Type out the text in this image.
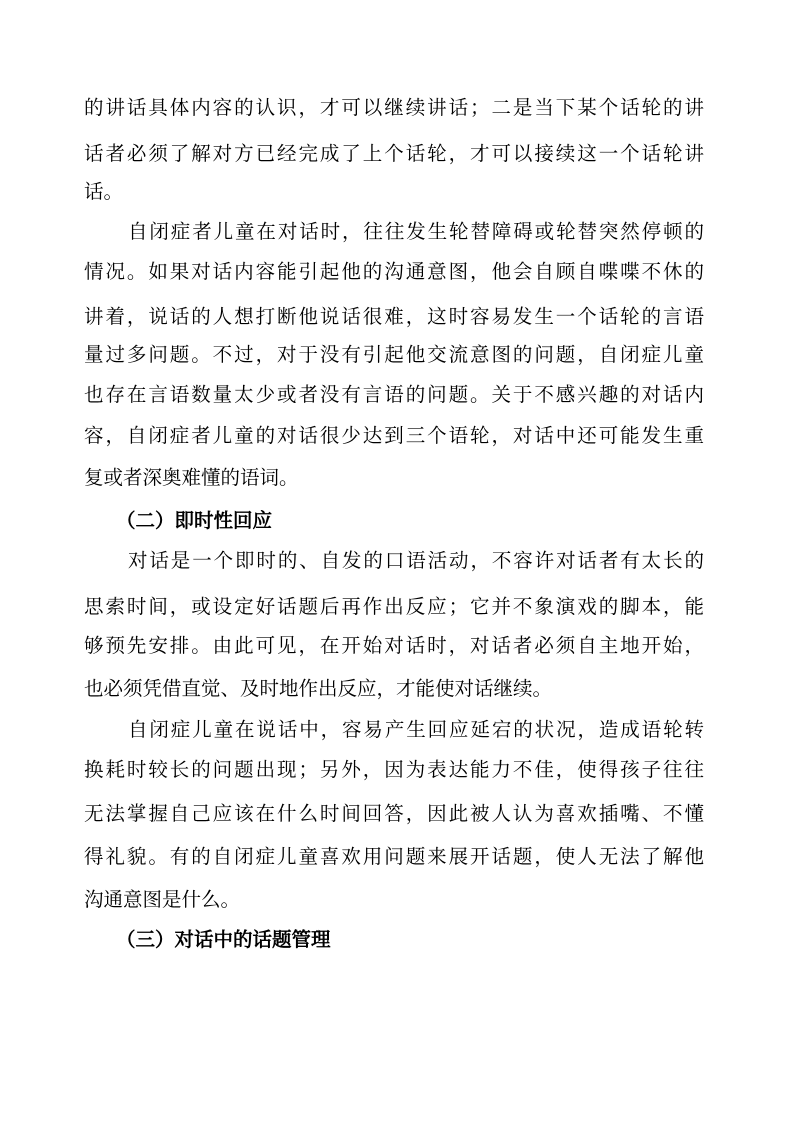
的讲话具体内容的认识，才可以继续讲话；二是当下某个话轮的讲
话者必须了解对方已经完成了上个话轮，才可以接续这一个话轮讲
话。
自闭症者儿童在对话时，往往发生轮替障碍或轮替突然停顿的
情况。如果对话内容能引起他的沟通意图，他会自顾自喋喋不休的
讲着，说话的人想打断他说话很难，这时容易发生一个话轮的言语
量过多问题。不过，对于没有引起他交流意图的问题，自闭症儿童
也存在言语数量太少或者没有言语的问题。关于不感兴趣的对话内
容，自闭症者儿童的对话很少达到三个语轮，对话中还可能发生重
复或者深奥难懂的语词。
（二）即时性回应
对话是一个即时的、自发的口语活动，不容许对话者有太长的
思索时间，或设定好话题后再作出反应；它并不象演戏的脚本，能
够预先安排。由此可见，在开始对话时，对话者必须自主地开始，
也必须凭借直觉、及时地作出反应，才能使对话继续。
自闭症儿童在说话中，容易产生回应延宕的状况，造成语轮转
换耗时较长的问题出现；另外，因为表达能力不佳，使得孩子往往
无法掌握自己应该在什么时间回答，因此被人认为喜欢插嘴、不懂
得礼貌。有的自闭症儿童喜欢用问题来展开话题，使人无法了解他
沟通意图是什么。
（三）对话中的话题管理
